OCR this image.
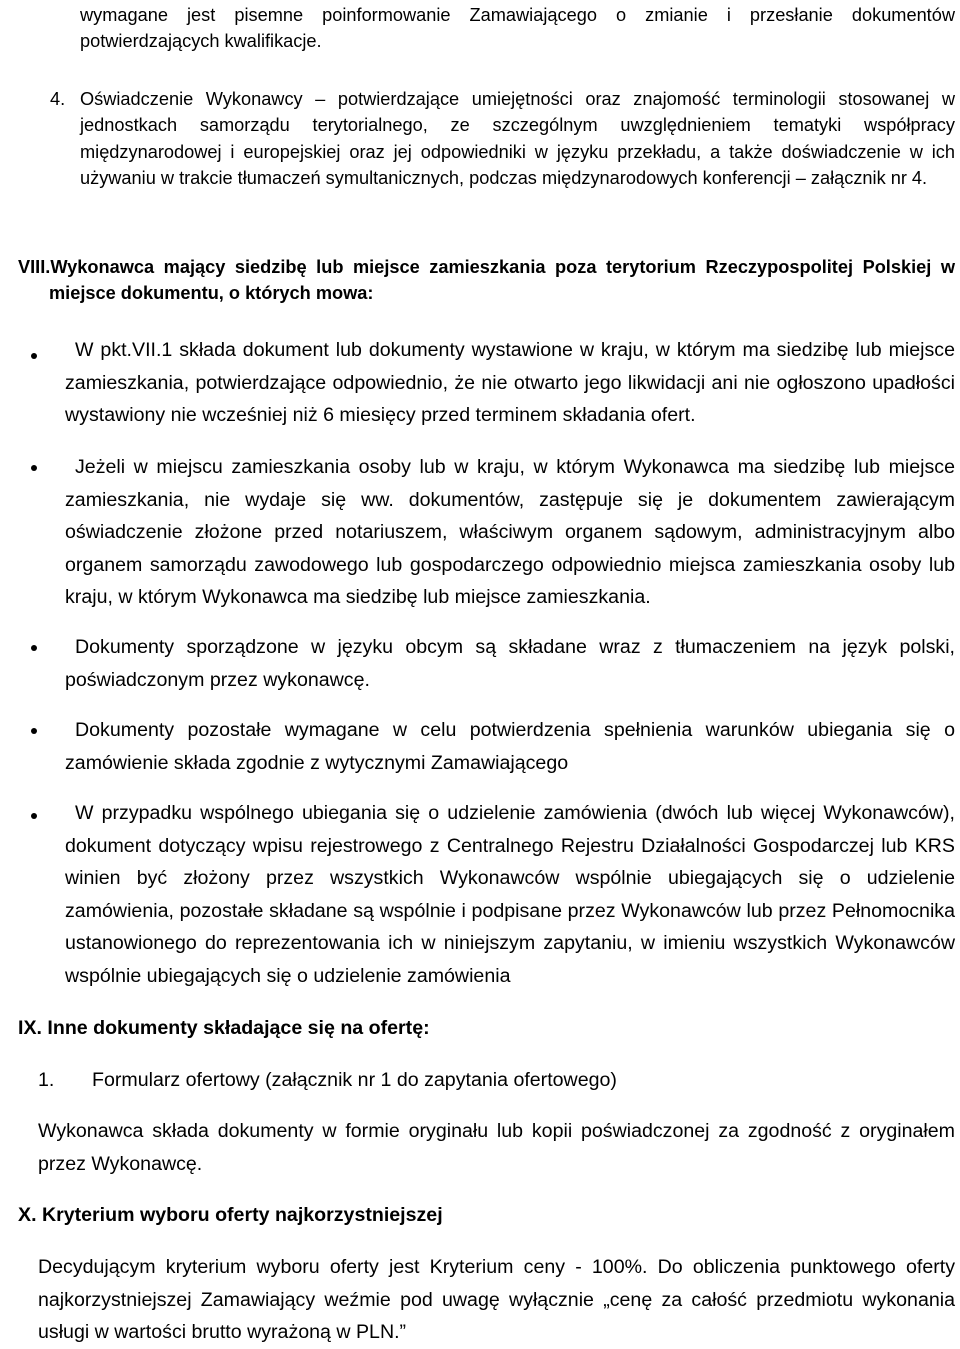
wymagane jest pisemne poinformowanie Zamawiającego o zmianie i przesłanie dokumentów potwierdzających kwalifikacje.

4. Oświadczenie Wykonawcy – potwierdzające umiejętności oraz znajomość terminologii stosowanej w jednostkach samorządu terytorialnego, ze szczególnym uwzględnieniem tematyki współpracy międzynarodowej i europejskiej oraz jej odpowiedniki w języku przekładu, a także doświadczenie w ich używaniu w trakcie tłumaczeń symultanicznych, podczas międzynarodowych konferencji – załącznik nr 4.

VIII.Wykonawca mający siedzibę lub miejsce zamieszkania poza terytorium Rzeczypospolitej Polskiej w miejsce dokumentu, o których mowa:

W pkt.VII.1 składa dokument lub dokumenty wystawione w kraju, w którym ma siedzibę lub miejsce zamieszkania, potwierdzające odpowiednio, że nie otwarto jego likwidacji ani nie ogłoszono upadłości wystawiony nie wcześniej niż 6 miesięcy przed terminem składania ofert.

Jeżeli w miejscu zamieszkania osoby lub w kraju, w którym Wykonawca ma siedzibę lub miejsce zamieszkania, nie wydaje się ww. dokumentów, zastępuje się je dokumentem zawierającym oświadczenie złożone przed notariuszem, właściwym organem sądowym, administracyjnym albo organem samorządu zawodowego lub gospodarczego odpowiednio miejsca zamieszkania osoby lub kraju, w którym Wykonawca ma siedzibę lub miejsce zamieszkania.

Dokumenty sporządzone w języku obcym są składane wraz z tłumaczeniem na język polski, poświadczonym przez wykonawcę.

Dokumenty pozostałe wymagane w celu potwierdzenia spełnienia warunków ubiegania się o zamówienie składa zgodnie z wytycznymi Zamawiającego

W przypadku wspólnego ubiegania się o udzielenie zamówienia (dwóch lub więcej Wykonawców), dokument dotyczący wpisu rejestrowego z Centralnego Rejestru Działalności Gospodarczej lub KRS winien być złożony przez wszystkich Wykonawców wspólnie ubiegających się o udzielenie zamówienia, pozostałe składane są wspólnie i podpisane przez Wykonawców lub przez Pełnomocnika ustanowionego do reprezentowania ich w niniejszym zapytaniu, w imieniu wszystkich Wykonawców wspólnie ubiegających się o udzielenie zamówienia

IX. Inne dokumenty składające się na ofertę:

1. Formularz ofertowy (załącznik nr 1 do zapytania ofertowego)

Wykonawca składa dokumenty w formie oryginału lub kopii poświadczonej za zgodność z oryginałem przez Wykonawcę.

X. Kryterium wyboru oferty najkorzystniejszej

Decydującym kryterium wyboru oferty jest Kryterium ceny - 100%. Do obliczenia punktowego oferty najkorzystniejszej Zamawiający weźmie pod uwagę wyłącznie „cenę za całość przedmiotu wykonania usługi w wartości brutto wyrażoną w PLN.”
